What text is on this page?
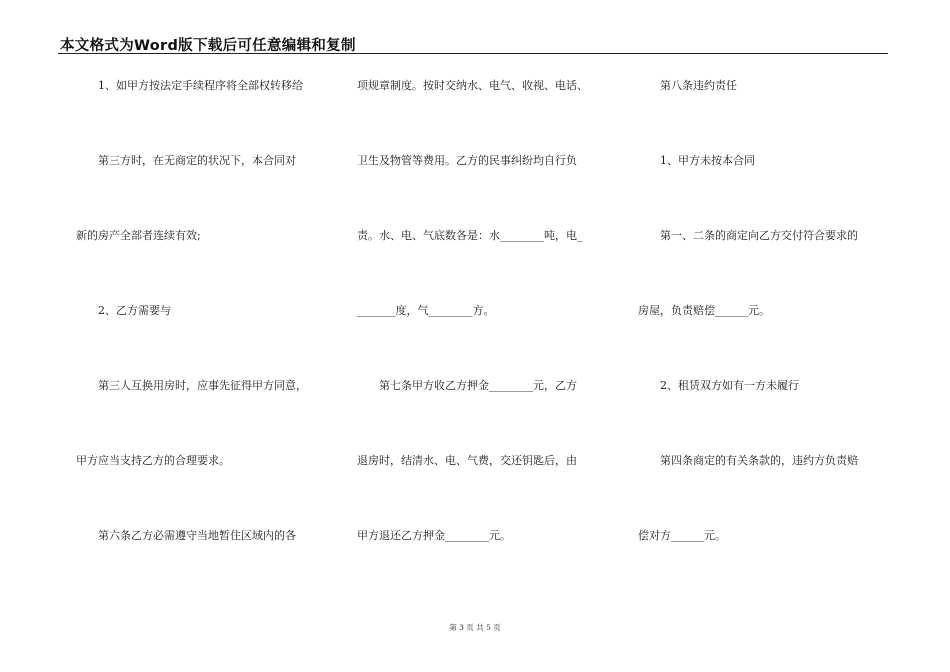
本文格式为Word版下载后可任意编辑和复制
　　1、如甲方按法定手续程序将全部权转移给
　　第三方时，在无商定的状况下，本合同对
新的房产全部者连续有效;
　　2、乙方需要与
　　第三人互换用房时，应事先征得甲方同意，
甲方应当支持乙方的合理要求。
　　第六条乙方必需遵守当地暂住区域内的各
项规章制度。按时交纳水、电气、收视、电话、
卫生及物管等费用。乙方的民事纠纷均自行负
责。水、电、气底数各是：水________吨，电_
_______度，气________方。
　　第七条甲方收乙方押金________元，乙方
退房时，结清水、电、气费，交还钥匙后，由
甲方退还乙方押金________元。
　　第八条违约责任
　　1、甲方未按本合同
　　第一、二条的商定向乙方交付符合要求的
房屋，负责赔偿______元。
　　2、租赁双方如有一方未履行
　　第四条商定的有关条款的，违约方负责赔
偿对方______元。
第 3 页 共 5 页
